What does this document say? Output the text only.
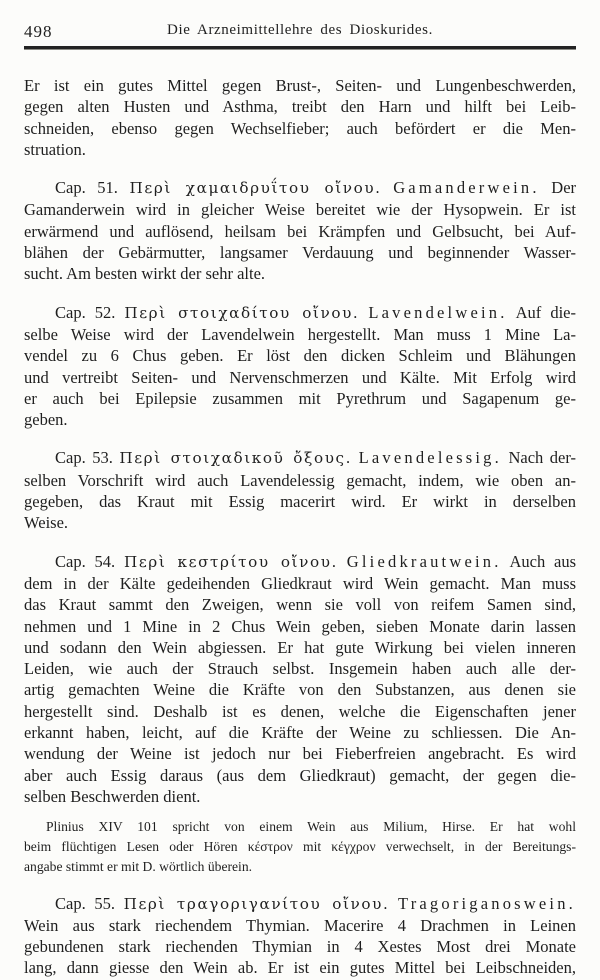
498	Die Arzneimittellehre des Dioskurides.
Er ist ein gutes Mittel gegen Brust-, Seiten- und Lungenbeschwerden,
gegen alten Husten und Asthma, treibt den Harn und hilft bei Leib-
schneiden, ebenso gegen Wechselfieber; auch befördert er die Men-
struation.
Cap. 51. Περὶ χαμαιδρυΐτου οἴνου. Gamanderwein. Der
Gamanderwein wird in gleicher Weise bereitet wie der Hysopwein. Er ist
erwärmend und auflösend, heilsam bei Krämpfen und Gelbsucht, bei Auf-
blähen der Gebärmutter, langsamer Verdauung und beginnender Wasser-
sucht. Am besten wirkt der sehr alte.
Cap. 52. Περὶ στοιχαδίτου οἴνου. Lavendelwein. Auf die-
selbe Weise wird der Lavendelwein hergestellt. Man muss 1 Mine La-
vendel zu 6 Chus geben. Er löst den dicken Schleim und Blähungen
und vertreibt Seiten- und Nervenschmerzen und Kälte. Mit Erfolg wird
er auch bei Epilepsie zusammen mit Pyrethrum und Sagapenum ge-
geben.
Cap. 53. Περὶ στοιχαδικοῦ ὄξους. Lavendelessig. Nach der-
selben Vorschrift wird auch Lavendelessig gemacht, indem, wie oben an-
gegeben, das Kraut mit Essig macerirt wird. Er wirkt in derselben
Weise.
Cap. 54. Περὶ κεστρίτου οἴνου. Gliedkrautwein. Auch aus
dem in der Kälte gedeihenden Gliedkraut wird Wein gemacht. Man muss
das Kraut sammt den Zweigen, wenn sie voll von reifem Samen sind,
nehmen und 1 Mine in 2 Chus Wein geben, sieben Monate darin lassen
und sodann den Wein abgiessen. Er hat gute Wirkung bei vielen inneren
Leiden, wie auch der Strauch selbst. Insgemein haben auch alle der-
artig gemachten Weine die Kräfte von den Substanzen, aus denen sie
hergestellt sind. Deshalb ist es denen, welche die Eigenschaften jener
erkannt haben, leicht, auf die Kräfte der Weine zu schliessen. Die An-
wendung der Weine ist jedoch nur bei Fieberfreien angebracht. Es wird
aber auch Essig daraus (aus dem Gliedkraut) gemacht, der gegen die-
selben Beschwerden dient.
Plinius XIV 101 spricht von einem Wein aus Milium, Hirse. Er hat wohl
beim flüchtigen Lesen oder Hören κέστρον mit κέγχρον verwechselt, in der Bereitungs-
angabe stimmt er mit D. wörtlich überein.
Cap. 55. Περὶ τραγοριγανίτου οἴνου. Tragoriganoswein.
Wein aus stark riechendem Thymian. Macerire 4 Drachmen in Leinen
gebundenen stark riechenden Thymian in 4 Xestes Most drei Monate
lang, dann giesse den Wein ab. Er ist ein gutes Mittel bei Leibschneiden,
